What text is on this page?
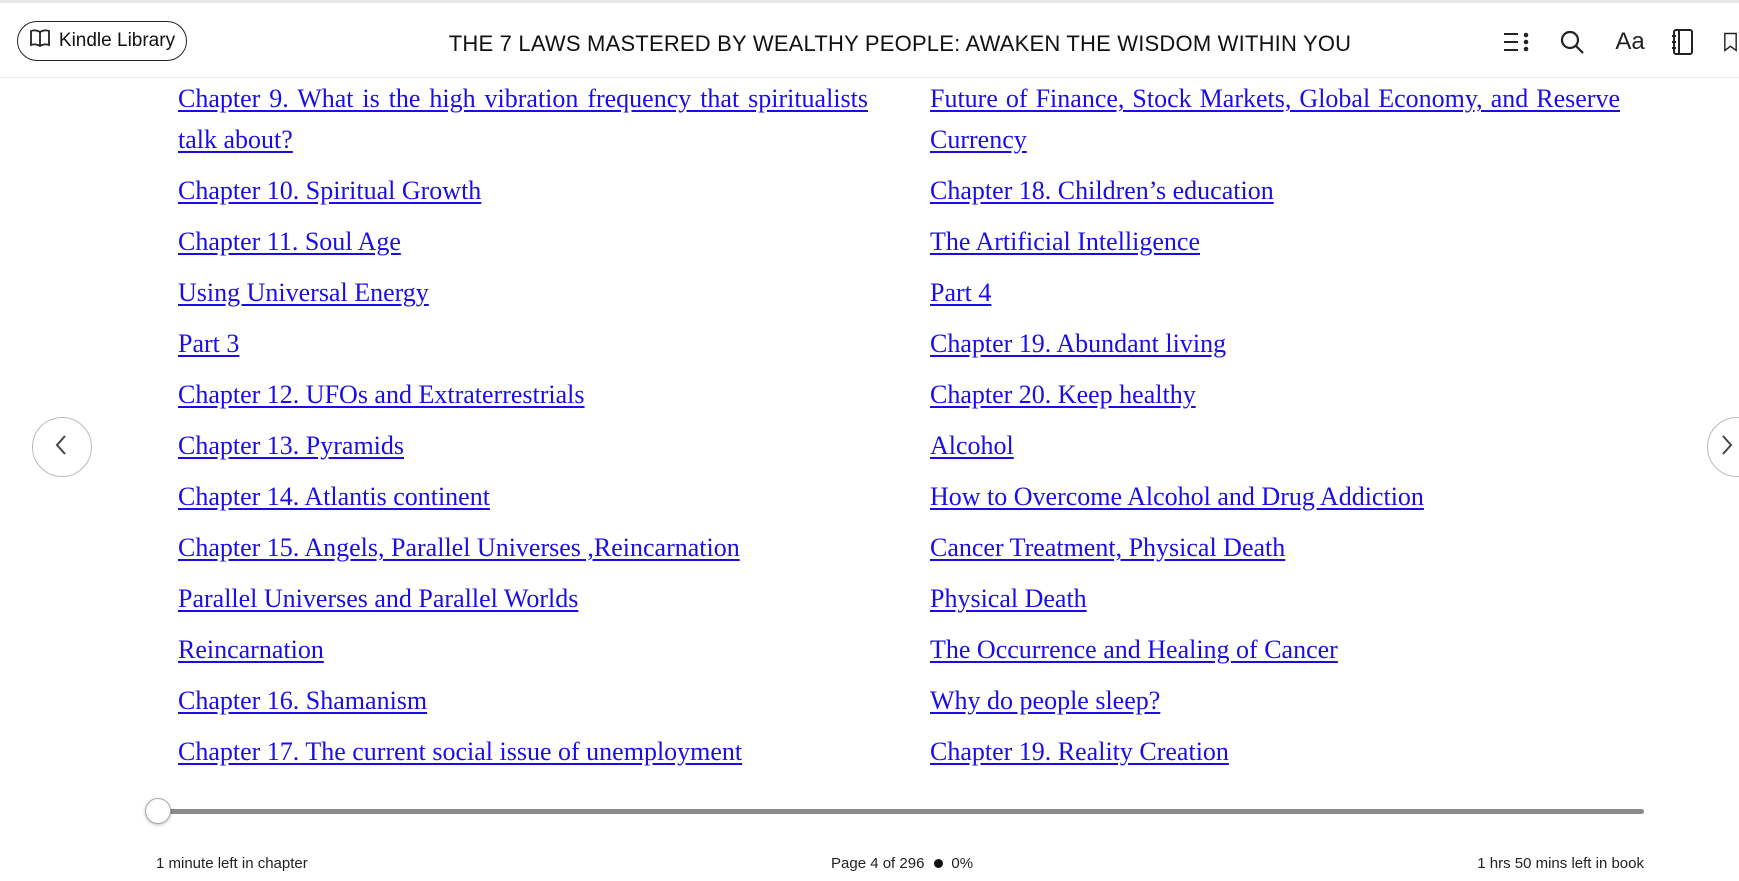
Kindle Library	THE 7 LAWS MASTERED BY WEALTHY PEOPLE: AWAKEN THE WISDOM WITHIN YOU	Aa
Chapter 9. What is the high vibration frequency that spiritualists talk about?
Chapter 10. Spiritual Growth
Chapter 11. Soul Age
Using Universal Energy
Part 3
Chapter 12. UFOs and Extraterrestrials
Chapter 13. Pyramids
Chapter 14. Atlantis continent
Chapter 15. Angels, Parallel Universes ,Reincarnation
Parallel Universes and Parallel Worlds
Reincarnation
Chapter 16. Shamanism
Chapter 17. The current social issue of unemployment
Future of Finance, Stock Markets, Global Economy, and Reserve Currency
Chapter 18. Children’s education
The Artificial Intelligence
Part 4
Chapter 19. Abundant living
Chapter 20. Keep healthy
Alcohol
How to Overcome Alcohol and Drug Addiction
Cancer Treatment, Physical Death
Physical Death
The Occurrence and Healing of Cancer
Why do people sleep?
Chapter 19. Reality Creation
1 minute left in chapter	Page 4 of 296 0%	1 hrs 50 mins left in book
